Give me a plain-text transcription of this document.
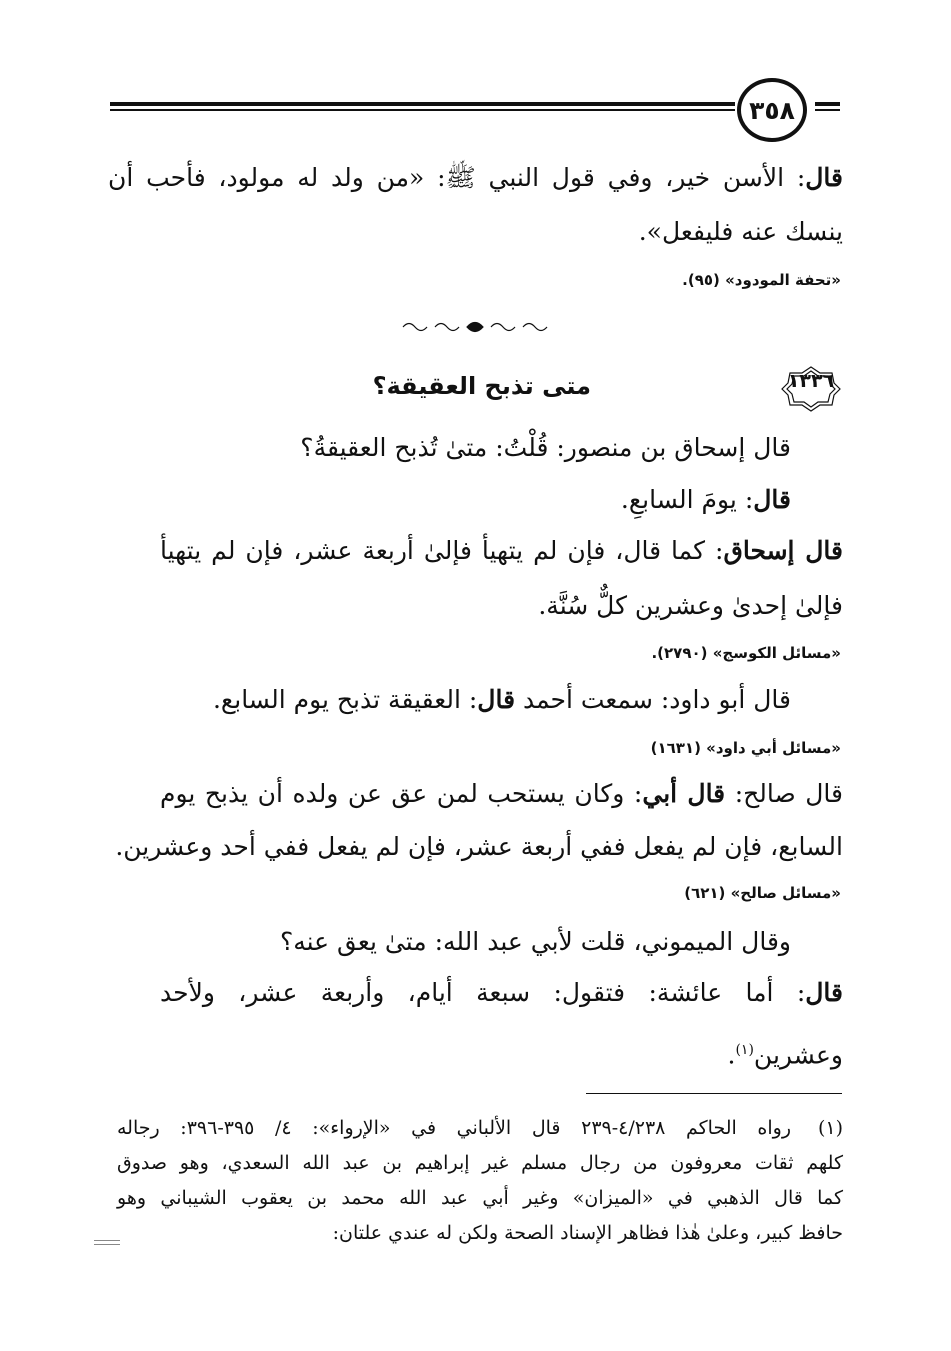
٣٥٨
قال: الأسن خير، وفي قول النبي ﷺ: «من ولد له مولود، فأحب أن
ينسك عنه فليفعل».
«تحفة المودود» (٩٥).
١٣٣٦
متى تذبح العقيقة؟
قال إسحاق بن منصور: قُلْتُ: متىٰ تُذبح العقيقةُ؟
قال: يومَ السابعِ.
قال إسحاق: كما قال، فإن لم يتهيأ فإلىٰ أربعة عشر، فإن لم يتهيأ
فإلىٰ إحدىٰ وعشرين كلٌّ سُنَّة.
«مسائل الكوسج» (٢٧٩٠).
قال أبو داود: سمعت أحمد قال: العقيقة تذبح يوم السابع.
«مسائل أبي داود» (١٦٣١)
قال صالح: قال أبي: وكان يستحب لمن عق عن ولده أن يذبح يوم
السابع، فإن لم يفعل ففي أربعة عشر، فإن لم يفعل ففي أحد وعشرين.
«مسائل صالح» (٦٢١)
وقال الميموني، قلت لأبي عبد الله: متىٰ يعق عنه؟
قال: أما عائشة: فتقول: سبعة أيام، وأربعة عشر، ولأحد
وعشرين$^{(١)}$.
(١)
رواه الحاكم ٤/٢٣٨-٢٣٩ قال الألباني في «الإرواء»: ٤/ ٣٩٥-٣٩٦: رجاله
كلهم ثقات معروفون من رجال مسلم غير إبراهيم بن عبد الله السعدي، وهو صدوق
كما قال الذهبي في «الميزان» وغير أبي عبد الله محمد بن يعقوب الشيباني وهو
حافظ كبير، وعلىٰ هٰذا فظاهر الإسناد الصحة ولكن له عندي علتان:
